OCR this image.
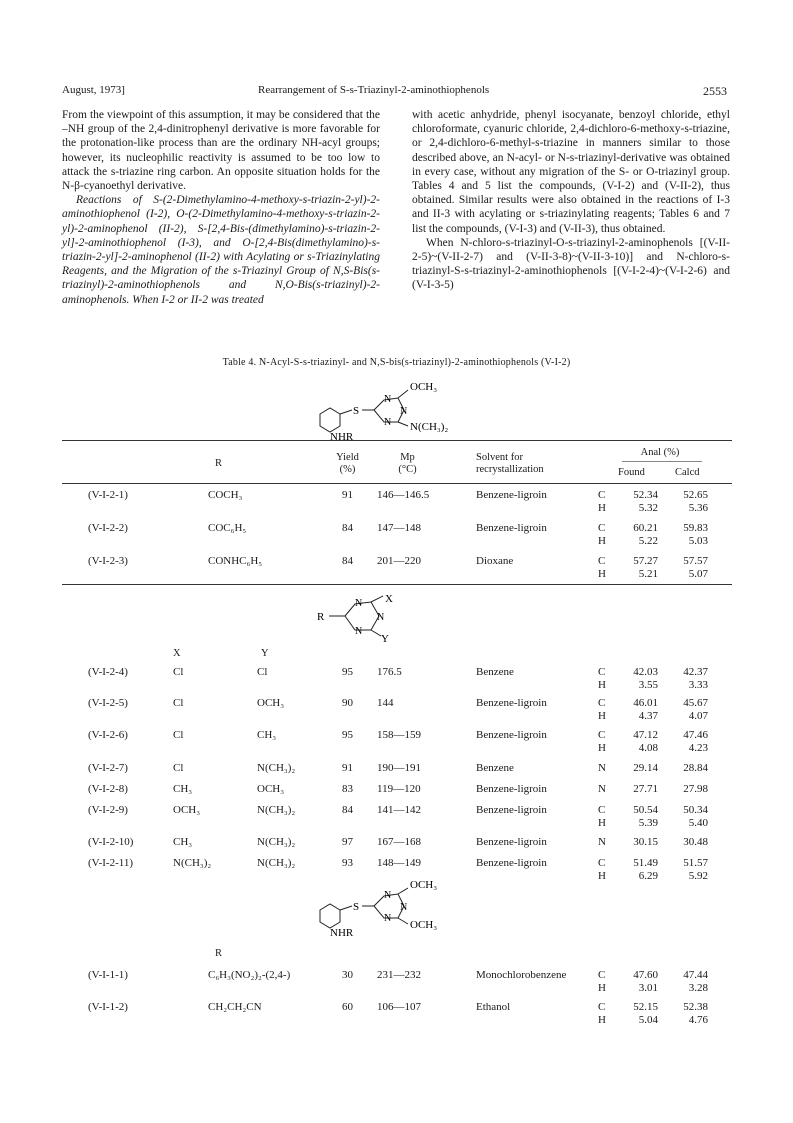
August, 1973]	Rearrangement of S-s-Triazinyl-2-aminothiophenols	2553

From the viewpoint of this assumption, it may be considered that the –NH group of the 2,4-dinitrophenyl derivative is more favorable for the protonation-like process than are the ordinary NH-acyl groups; however, its nucleophilic reactivity is assumed to be too low to attack the s-triazine ring carbon. An opposite situation holds for the N-β-cyanoethyl derivative.

Reactions of S-(2-Dimethylamino-4-methoxy-s-triazin-2-yl)-2-aminothiophenol (I-2), O-(2-Dimethylamino-4-methoxy-s-triazin-2-yl)-2-aminophenol (II-2), S-[2,4-Bis-(dimethylamino)-s-triazin-2-yl]-2-aminothiophenol (I-3), and O-[2,4-Bis(dimethylamino)-s-triazin-2-yl]-2-aminophenol (II-2) with Acylating or s-Triazinylating Reagents, and the Migration of the s-Triazinyl Group of N,S-Bis(s-triazinyl)-2-aminothiophenols and N,O-Bis(s-triazinyl)-2-aminophenols. When I-2 or II-2 was treated

with acetic anhydride, phenyl isocyanate, benzoyl chloride, ethyl chloroformate, cyanuric chloride, 2,4-dichloro-6-methoxy-s-triazine, or 2,4-dichloro-6-methyl-s-triazine in manners similar to those described above, an N-acyl- or N-s-triazinyl-derivative was obtained in every case, without any migration of the S- or O-triazinyl group. Tables 4 and 5 list the compounds, (V-I-2) and (V-II-2), thus obtained. Similar results were also obtained in the reactions of I-3 and II-3 with acylating or s-triazinylating reagents; Tables 6 and 7 list the compounds, (V-I-3) and (V-II-3), thus obtained.

When N-chloro-s-triazinyl-O-s-triazinyl-2-aminophenols [(V-II-2-5)~(V-II-2-7) and (V-II-3-8)~(V-II-3-10)] and N-chloro-s-triazinyl-S-s-triazinyl-2-aminothiophenols [(V-I-2-4)~(V-I-2-6) and (V-I-3-5)

Table 4. N-Acyl-S-s-triazinyl- and N,S-bis(s-triazinyl)-2-aminothiophenols (V-I-2)
S
N
N
N
OCH₃
N(CH₃)₂
NHR
R
Yield
(%)
Mp
(°C)
Solvent for
recrystallization
Anal (%)
Found	Calcd
(V-I-2-1)	COCH₃	91	146—146.5	Benzene-ligroin	C	52.34	52.65
H	5.32	5.36
(V-I-2-2)	COC₆H₅	84	147—148	Benzene-ligroin	C	60.21	59.83
H	5.22	5.03
(V-I-2-3)	CONHC₆H₅	84	201—220	Dioxane	C	57.27	57.57
H	5.21	5.07
R
N
N
N
X
Y
X	Y
(V-I-2-4)	Cl	Cl	95	176.5	Benzene	C	42.03	42.37
H	3.55	3.33
(V-I-2-5)	Cl	OCH₃	90	144	Benzene-ligroin	C	46.01	45.67
H	4.37	4.07
(V-I-2-6)	Cl	CH₃	95	158—159	Benzene-ligroin	C	47.12	47.46
H	4.08	4.23
(V-I-2-7)	Cl	N(CH₃)₂	91	190—191	Benzene	N	29.14	28.84
(V-I-2-8)	CH₃	OCH₃	83	119—120	Benzene-ligroin	N	27.71	27.98
(V-I-2-9)	OCH₃	N(CH₃)₂	84	141—142	Benzene-ligroin	C	50.54	50.34
H	5.39	5.40
(V-I-2-10)	CH₃	N(CH₃)₂	97	167—168	Benzene-ligroin	N	30.15	30.48
(V-I-2-11)	N(CH₃)₂	N(CH₃)₂	93	148—149	Benzene-ligroin	C	51.49	51.57
H	6.29	5.92
S
N
N
N
OCH₃
OCH₃
NHR
R
(V-I-1-1)	C₆H₃(NO₂)₂-(2,4-)	30	231—232	Monochlorobenzene	C	47.60	47.44
H	3.01	3.28
(V-I-1-2)	CH₂CH₂CN	60	106—107	Ethanol	C	52.15	52.38
H	5.04	4.76
